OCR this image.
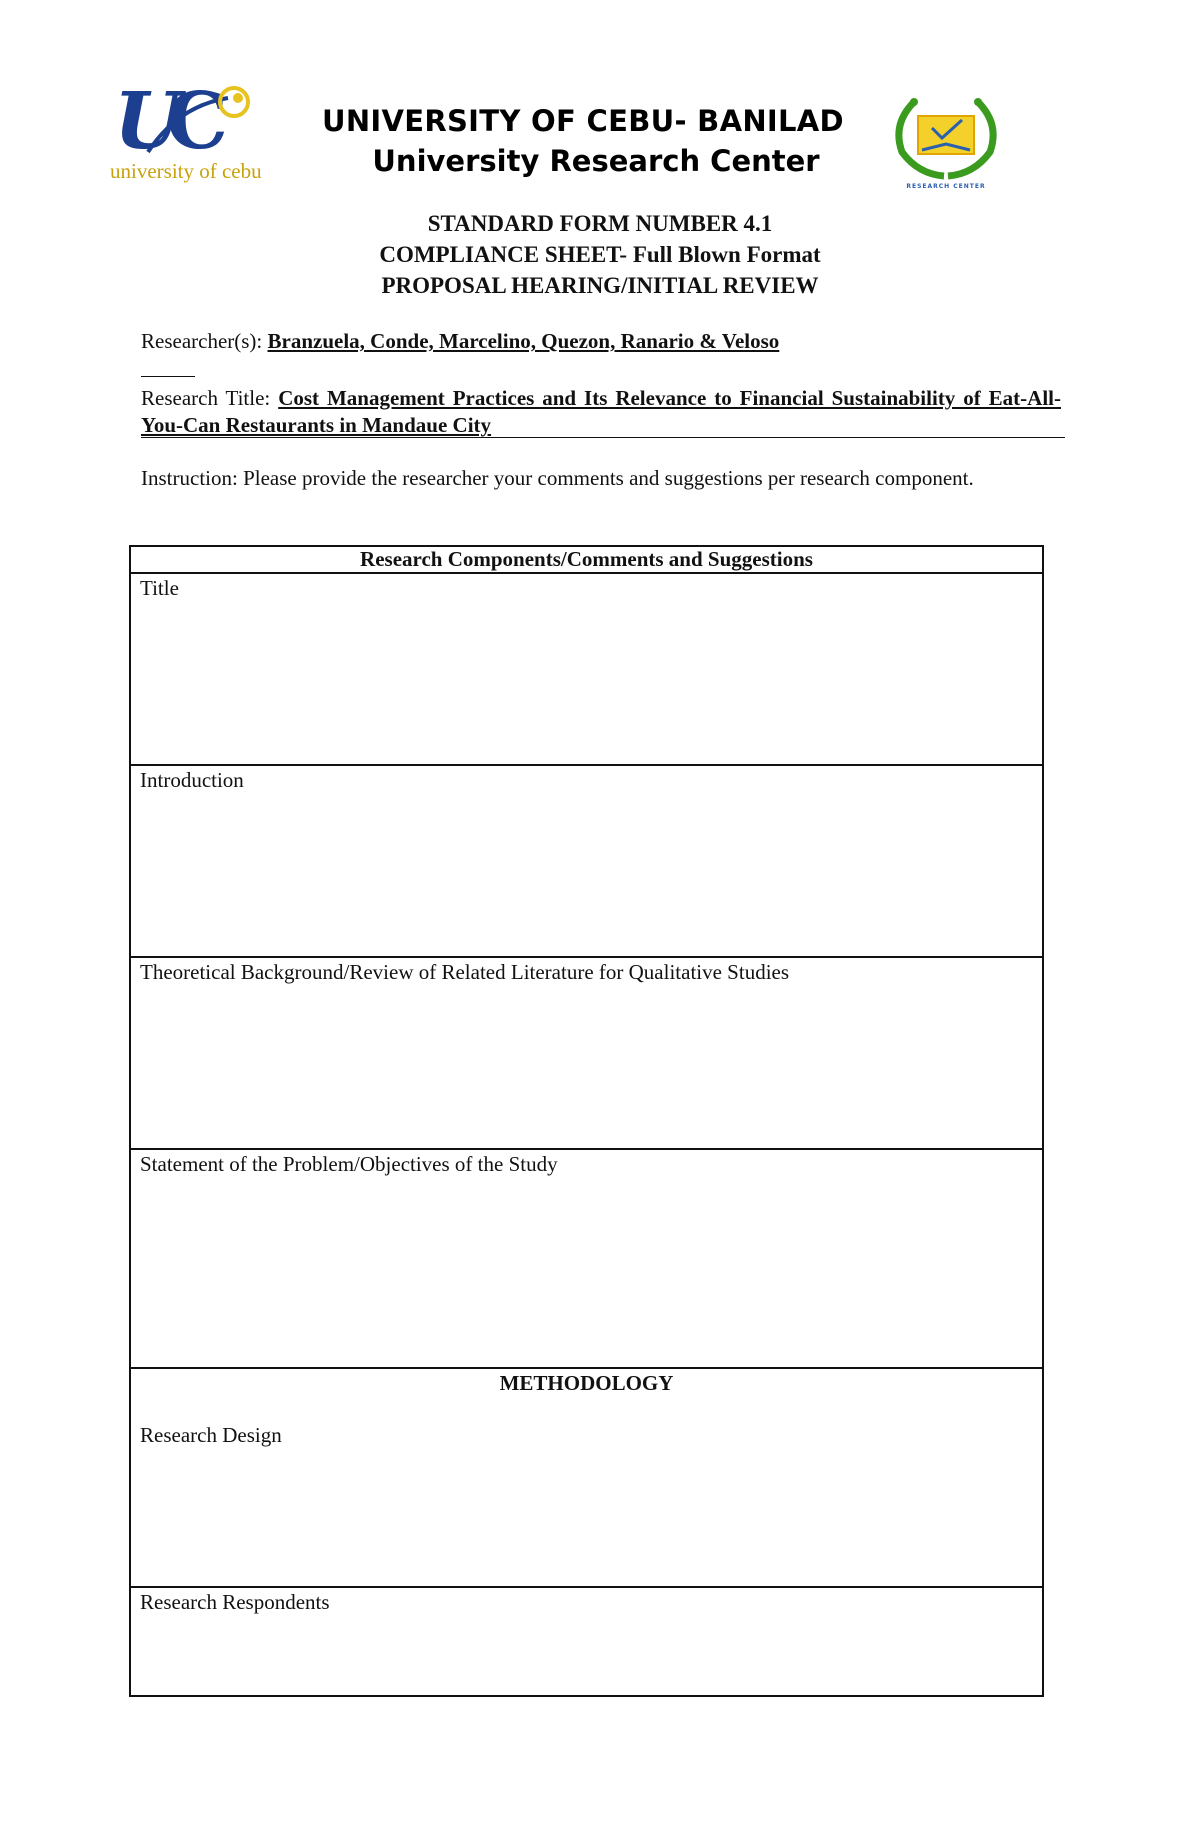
U
C
university of cebu
UNIVERSITY OF CEBU- BANILAD
University Research Center
RESEARCH CENTER
STANDARD FORM NUMBER 4.1
COMPLIANCE SHEET- Full Blown Format
PROPOSAL HEARING/INITIAL REVIEW
Researcher(s): Branzuela, Conde, Marcelino, Quezon, Ranario & Veloso
Research Title: Cost Management Practices and Its Relevance to Financial Sustainability of Eat-All-You-Can Restaurants in Mandaue City
Instruction: Please provide the researcher your comments and suggestions per research component.
Research Components/Comments and Suggestions
Title
Introduction
Theoretical Background/Review of Related Literature for Qualitative Studies
Statement of the Problem/Objectives of the Study

METHODOLOGY
Research Design
Research Respondents
